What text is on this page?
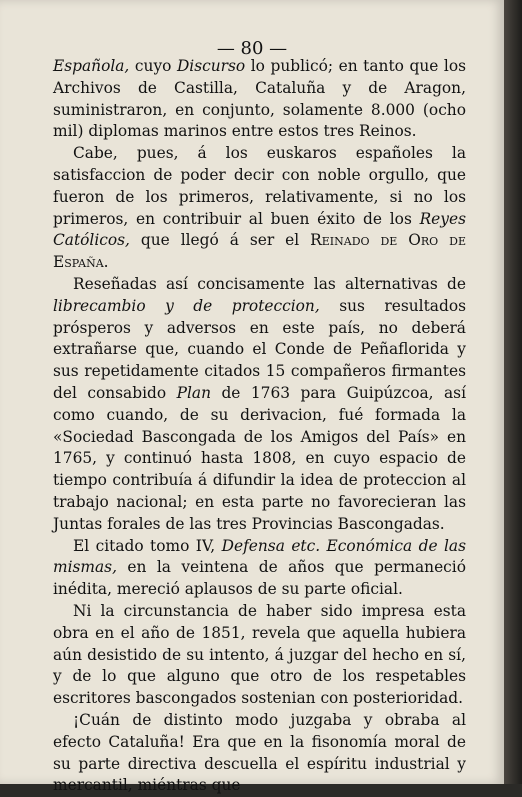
— 80 —

Española, cuyo Discurso lo publicó; en tanto que los Archivos de Castilla, Cataluña y de Aragon, suministraron, en conjunto, solamente 8.000 (ocho mil) diplomas marinos entre estos tres Reinos.

Cabe, pues, á los euskaros españoles la satisfaccion de poder decir con noble orgullo, que fueron de los primeros, relativamente, si no los primeros, en contribuir al buen éxito de los Reyes Católicos, que llegó á ser el Reinado de Oro de España.

Reseñadas así concisamente las alternativas de librecambio y de proteccion, sus resultados prósperos y adversos en este país, no deberá extrañarse que, cuando el Conde de Peñaflorida y sus repetidamente citados 15 compañeros firmantes del consabido Plan de 1763 para Guipúzcoa, así como cuando, de su derivacion, fué formada la «Sociedad Bascongada de los Amigos del País» en 1765, y continuó hasta 1808, en cuyo espacio de tiempo contribuía á difundir la idea de proteccion al trabajo nacional; en esta parte no favorecieran las Juntas forales de las tres Provincias Bascongadas.

El citado tomo IV, Defensa etc. Económica de las mismas, en la veintena de años que permaneció inédita, mereció aplausos de su parte oficial.

Ni la circunstancia de haber sido impresa esta obra en el año de 1851, revela que aquella hubiera aún desistido de su intento, á juzgar del hecho en sí, y de lo que alguno que otro de los respetables escritores bascongados sostenian con posterioridad.

¡Cuán de distinto modo juzgaba y obraba al efecto Cataluña! Era que en la fisonomía moral de su parte directiva descuella el espíritu industrial y mercantil, miéntras que
